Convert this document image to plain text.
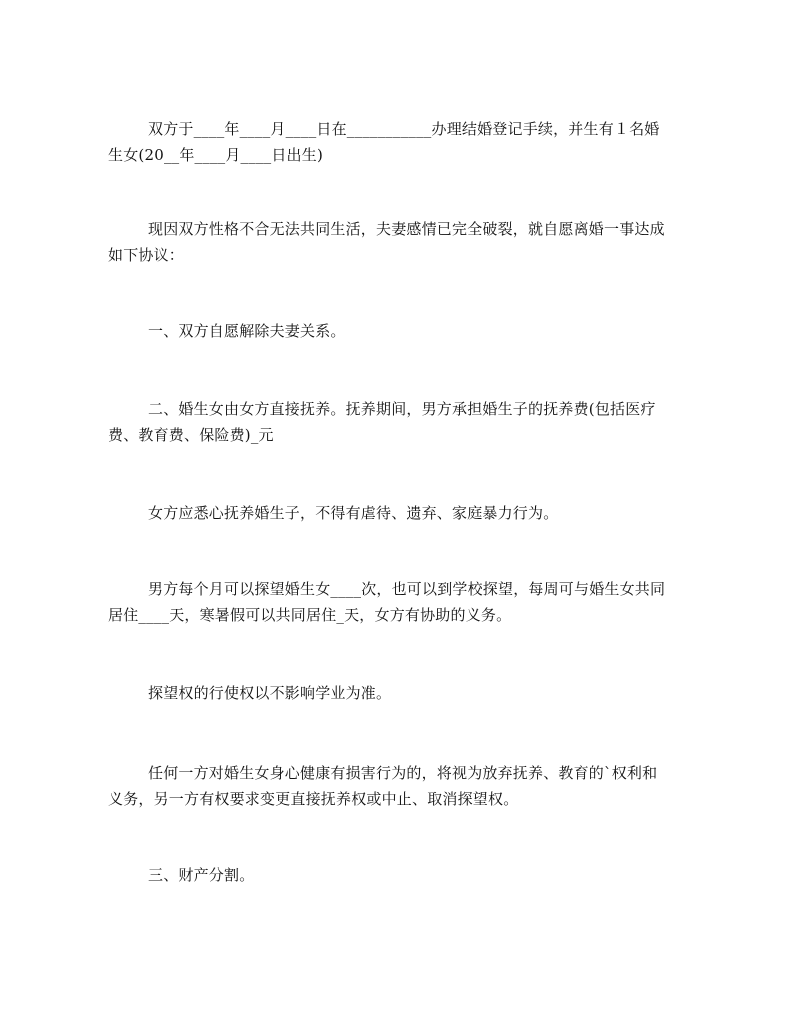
双方于____年____月____日在___________办理结婚登记手续，并生有１名婚
生女(20__年____月____日出生)
现因双方性格不合无法共同生活，夫妻感情已完全破裂，就自愿离婚一事达成
如下协议：
一、双方自愿解除夫妻关系。
二、婚生女由女方直接抚养。抚养期间，男方承担婚生子的抚养费(包括医疗
费、教育费、保险费)_元
女方应悉心抚养婚生子，不得有虐待、遗弃、家庭暴力行为。
男方每个月可以探望婚生女____次，也可以到学校探望，每周可与婚生女共同
居住____天，寒暑假可以共同居住_天，女方有协助的义务。
探望权的行使权以不影响学业为准。
任何一方对婚生女身心健康有损害行为的，将视为放弃抚养、教育的`权利和
义务，另一方有权要求变更直接抚养权或中止、取消探望权。
三、财产分割。
